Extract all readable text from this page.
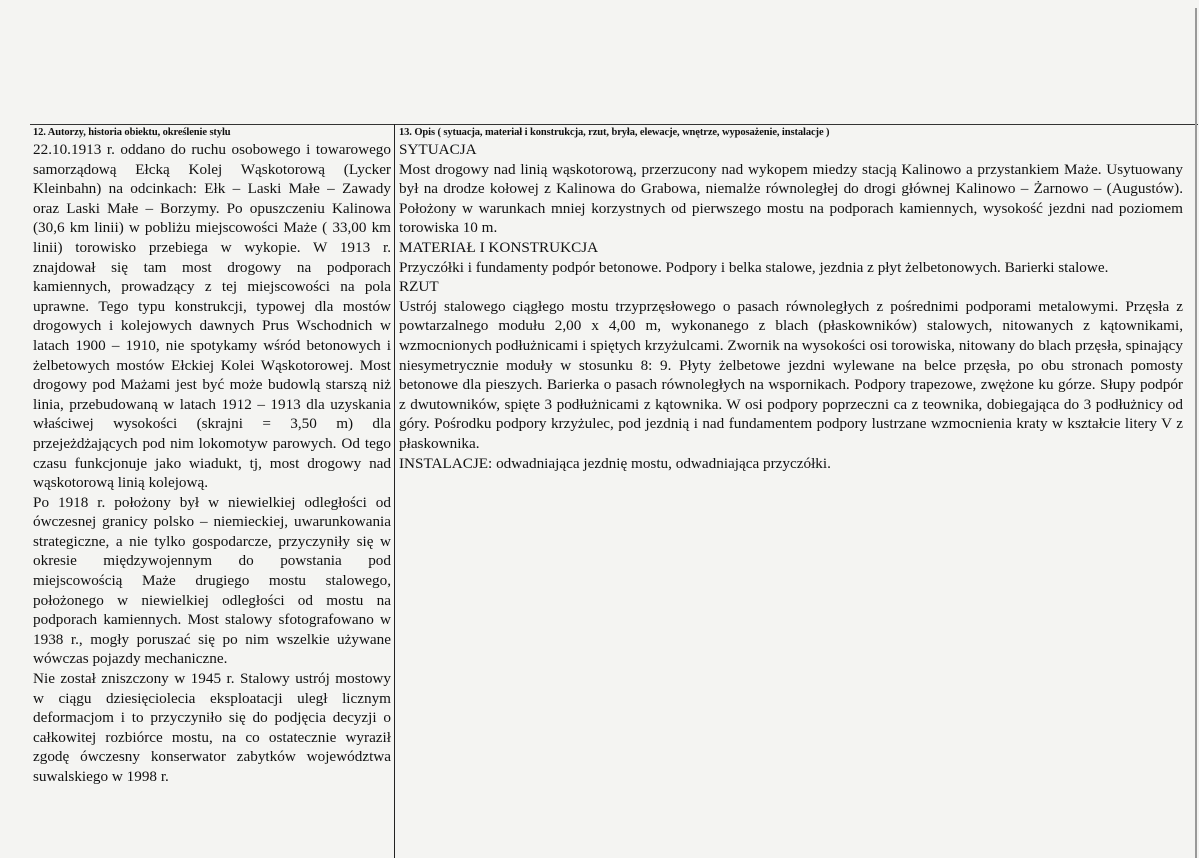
12. Autorzy, historia obiektu, określenie stylu

22.10.1913 r. oddano do ruchu osobowego i towarowego samorządową Ełcką Kolej Wąskotorową (Lycker Kleinbahn) na odcinkach: Ełk – Laski Małe – Zawady oraz Laski Małe – Borzymy. Po opuszczeniu Kalinowa (30,6 km linii) w pobliżu miejscowości Maże ( 33,00 km linii) torowisko przebiega w wykopie. W 1913 r. znajdował się tam most drogowy na podporach kamiennych, prowadzący z tej miejscowości na pola uprawne. Tego typu konstrukcji, typowej dla mostów drogowych i kolejowych dawnych Prus Wschodnich w latach 1900 – 1910, nie spotykamy wśród betonowych i żelbetowych mostów Ełckiej Kolei Wąskotorowej. Most drogowy pod Mażami jest być może budowlą starszą niż linia, przebudowaną w latach 1912 – 1913 dla uzyskania właściwej wysokości (skrajni = 3,50 m) dla przejeżdżających pod nim lokomotyw parowych. Od tego czasu funkcjonuje jako wiadukt, tj, most drogowy nad wąskotorową linią kolejową.

Po 1918 r. położony był w niewielkiej odległości od ówczesnej granicy polsko – niemieckiej, uwarunkowania strategiczne, a nie tylko gospodarcze, przyczyniły się w okresie międzywojennym do powstania pod miejscowością Maże drugiego mostu stalowego, położonego w niewielkiej odległości od mostu na podporach kamiennych. Most stalowy sfotografowano w 1938 r., mogły poruszać się po nim wszelkie używane wówczas pojazdy mechaniczne.

Nie został zniszczony w 1945 r. Stalowy ustrój mostowy w ciągu dziesięciolecia eksploatacji uległ licznym deformacjom i to przyczyniło się do podjęcia decyzji o całkowitej rozbiórce mostu, na co ostatecznie wyraził zgodę ówczesny konserwator zabytków województwa suwalskiego w 1998 r.

13. Opis ( sytuacja, materiał i konstrukcja, rzut, bryła, elewacje, wnętrze, wyposażenie, instalacje )

SYTUACJA

Most drogowy nad linią wąskotorową, przerzucony nad wykopem miedzy stacją Kalinowo a przystankiem Maże. Usytuowany był na drodze kołowej z Kalinowa do Grabowa, niemalże równoległej do drogi głównej Kalinowo – Żarnowo – (Augustów). Położony w warunkach mniej korzystnych od pierwszego mostu na podporach kamiennych, wysokość jezdni nad poziomem torowiska 10 m.

MATERIAŁ I KONSTRUKCJA

Przyczółki i fundamenty podpór betonowe. Podpory i belka stalowe, jezdnia z płyt żelbetonowych. Barierki stalowe.

RZUT

Ustrój stalowego ciągłego mostu trzyprzęsłowego o pasach równoległych z pośrednimi podporami metalowymi. Przęsła z powtarzalnego modułu 2,00 x 4,00 m, wykonanego z blach (płaskowników) stalowych, nitowanych z kątownikami, wzmocnionych podłużnicami i spiętych krzyżulcami. Zwornik na wysokości osi torowiska, nitowany do blach przęsła, spinający niesymetrycznie moduły w stosunku 8: 9. Płyty żelbetowe jezdni wylewane na belce przęsła, po obu stronach pomosty betonowe dla pieszych. Barierka o pasach równoległych na wspornikach. Podpory trapezowe, zwężone ku górze. Słupy podpór z dwutowników, spięte 3 podłużnicami z kątownika. W osi podpory poprzeczni ca z teownika, dobiegająca do 3 podłużnicy od góry. Pośrodku podpory krzyżulec, pod jezdnią i nad fundamentem podpory lustrzane wzmocnienia kraty w kształcie litery V z płaskownika.

INSTALACJE: odwadniająca jezdnię mostu, odwadniająca przyczółki.
